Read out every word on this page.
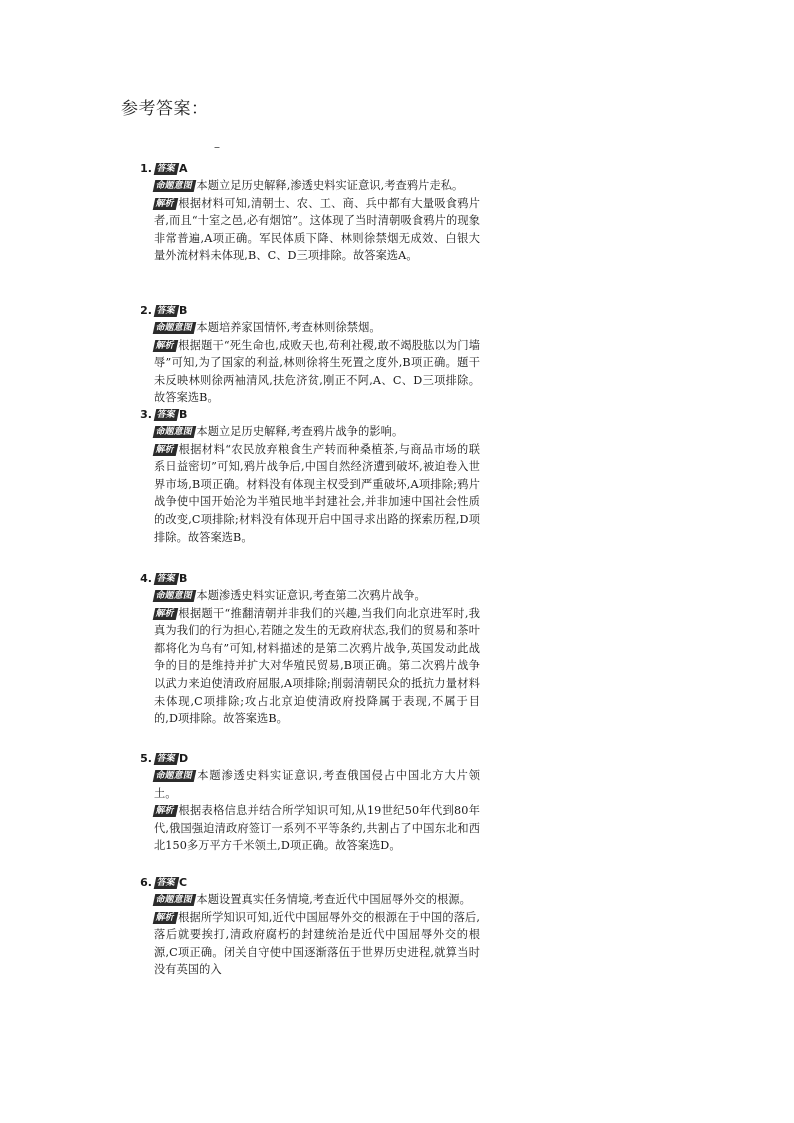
参考答案：
–
1. 答案 A
命题意图 本题立足历史解释,渗透史料实证意识,考查鸦片走私。
解析 根据材料可知,清朝士、农、工、商、兵中都有大量吸食鸦片者,而且“十室之邑,必有烟馆”。这体现了当时清朝吸食鸦片的现象非常普遍,A项正确。军民体质下降、林则徐禁烟无成效、白银大量外流材料未体现,B、C、D三项排除。故答案选A。
2. 答案 B
命题意图 本题培养家国情怀,考查林则徐禁烟。
解析 根据题干“死生命也,成败天也,苟利社稷,敢不竭股肱以为门墙辱”可知,为了国家的利益,林则徐将生死置之度外,B项正确。题干未反映林则徐两袖清风,扶危济贫,刚正不阿,A、C、D三项排除。故答案选B。
3. 答案 B
命题意图 本题立足历史解释,考查鸦片战争的影响。
解析 根据材料“农民放弃粮食生产转而种桑植茶,与商品市场的联系日益密切”可知,鸦片战争后,中国自然经济遭到破坏,被迫卷入世界市场,B项正确。材料没有体现主权受到严重破坏,A项排除;鸦片战争使中国开始沦为半殖民地半封建社会,并非加速中国社会性质的改变,C项排除;材料没有体现开启中国寻求出路的探索历程,D项排除。故答案选B。
4. 答案 B
命题意图 本题渗透史料实证意识,考查第二次鸦片战争。
解析 根据题干“推翻清朝并非我们的兴趣,当我们向北京进军时,我真为我们的行为担心,若随之发生的无政府状态,我们的贸易和茶叶都将化为乌有”可知,材料描述的是第二次鸦片战争,英国发动此战争的目的是维持并扩大对华殖民贸易,B项正确。第二次鸦片战争以武力来迫使清政府屈服,A项排除;削弱清朝民众的抵抗力量材料未体现,C项排除;攻占北京迫使清政府投降属于表现,不属于目的,D项排除。故答案选B。
5. 答案 D
命题意图 本题渗透史料实证意识,考查俄国侵占中国北方大片领土。
解析 根据表格信息并结合所学知识可知,从19世纪50年代到80年代,俄国强迫清政府签订一系列不平等条约,共割占了中国东北和西北150多万平方千米领土,D项正确。故答案选D。
6. 答案 C
命题意图 本题设置真实任务情境,考查近代中国屈辱外交的根源。
解析 根据所学知识可知,近代中国屈辱外交的根源在于中国的落后,落后就要挨打,清政府腐朽的封建统治是近代中国屈辱外交的根源,C项正确。闭关自守使中国逐渐落伍于世界历史进程,就算当时没有英国的入
